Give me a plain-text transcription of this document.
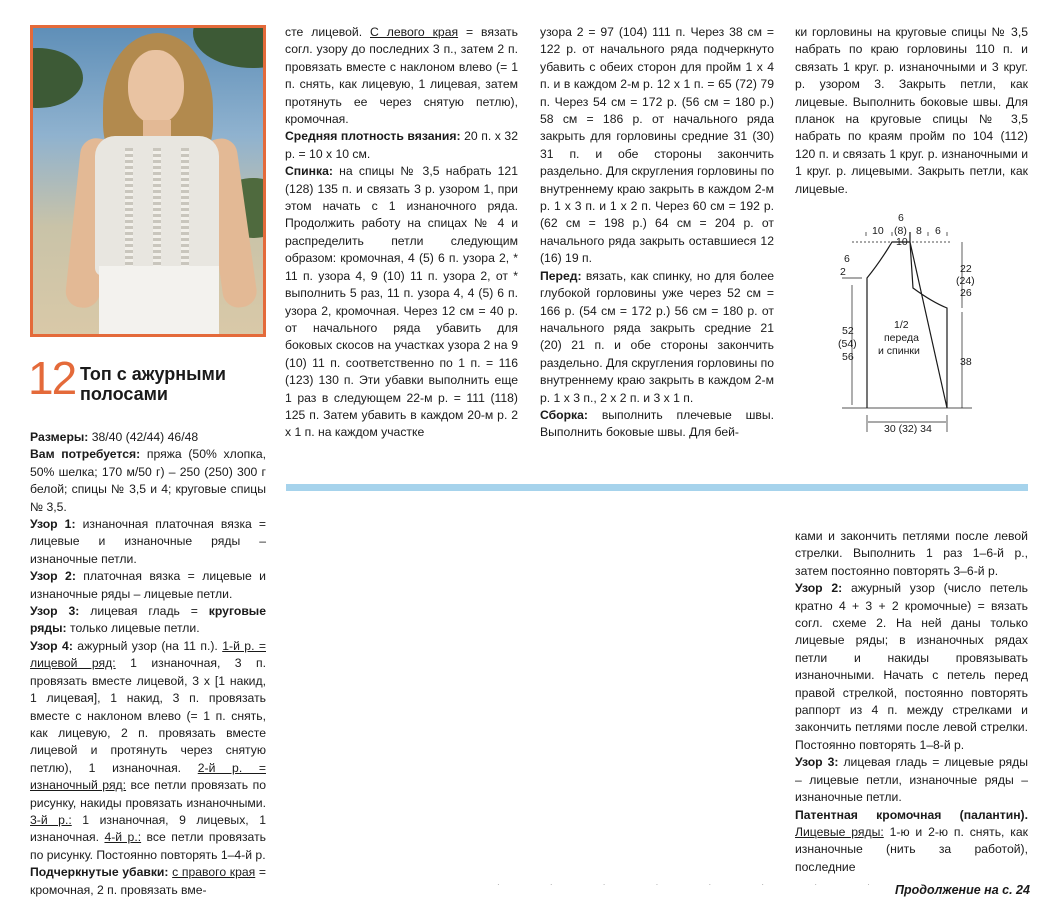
12 Топ с ажурными
полосами

Размеры: 38/40 (42/44) 46/48

Вам потребуется: пряжа (50% хлопка, 50% шелка; 170 м/50 г) – 250 (250) 300 г белой; спицы № 3,5 и 4; круговые спицы № 3,5.

Узор 1: изнаночная платочная вязка = лицевые и изнаночные ряды – изнаночные петли.

Узор 2: платочная вязка = лицевые и изнаночные ряды – лицевые петли.

Узор 3: лицевая гладь = круговые ряды: только лицевые петли.

Узор 4: ажурный узор (на 11 п.). 1-й р. = лицевой ряд: 1 изнаночная, 3 п. провязать вместе лицевой, 3 х [1 накид, 1 лицевая], 1 накид, 3 п. провязать вместе с наклоном влево (= 1 п. снять, как лицевую, 2 п. провязать вместе лицевой и протянуть через снятую петлю), 1 изнаночная. 2-й р. = изнаночный ряд: все петли провязать по рисунку, накиды провязать изнаночными. 3-й р.: 1 изнаночная, 9 лицевых, 1 изнаночная. 4-й р.: все петли провязать по рисунку. Постоянно повторять 1–4-й р.

Подчеркнутые убавки: с правого края = кромочная, 2 п. провязать вме-

сте лицевой. С левого края = вязать согл. узору до последних 3 п., затем 2 п. провязать вместе с наклоном влево (= 1 п. снять, как лицевую, 1 лицевая, затем протянуть ее через снятую петлю), кромочная.

Средняя плотность вязания: 20 п. х 32 р. = 10 х 10 см.

Спинка: на спицы № 3,5 набрать 121 (128) 135 п. и связать 3 р. узором 1, при этом начать с 1 изнаночного ряда. Продолжить работу на спицах № 4 и распределить петли следующим образом: кромочная, 4 (5) 6 п. узора 2, * 11 п. узора 4, 9 (10) 11 п. узора 2, от * выполнить 5 раз, 11 п. узора 4, 4 (5) 6 п. узора 2, кромочная. Через 12 см = 40 р. от начального ряда убавить для боковых скосов на участках узора 2 на 9 (10) 11 п. соответственно по 1 п. = 116 (123) 130 п. Эти убавки выполнить еще 1 раз в следующем 22-м р. = 111 (118) 125 п. Затем убавить в каждом 20-м р. 2 х 1 п. на каждом участке

узора 2 = 97 (104) 111 п. Через 38 см = 122 р. от начального ряда подчеркнуто убавить с обеих сторон для пройм 1 х 4 п. и в каждом 2-м р. 12 х 1 п. = 65 (72) 79 п. Через 54 см = 172 р. (56 см = 180 р.) 58 см = 186 р. от начального ряда закрыть для горловины средние 31 (30) 31 п. и обе стороны закончить раздельно. Для скругления горловины по внутреннему краю закрыть в каждом 2-м р. 1 х 3 п. и 1 х 2 п. Через 60 см = 192 р. (62 см = 198 р.) 64 см = 204 р. от начального ряда закрыть оставшиеся 12 (16) 19 п.

Перед: вязать, как спинку, но для более глубокой горловины уже через 52 см = 166 р. (54 см = 172 р.) 56 см = 180 р. от начального ряда закрыть средние 21 (20) 21 п. и обе стороны закончить раздельно. Для скругления горловины по внутреннему краю закрыть в каждом 2-м р. 1 х 3 п., 2 х 2 п. и 3 х 1 п.

Сборка: выполнить плечевые швы. Выполнить боковые швы. Для бей-

ки горловины на круговые спицы № 3,5 набрать по краю горловины 110 п. и связать 1 круг. р. изнаночными и 3 круг. р. узором 3. Закрыть петли, как лицевые. Выполнить боковые швы. Для планок на круговые спицы № 3,5 набрать по краям пройм по 104 (112) 120 п. и связать 1 круг. р. изнаночными и 1 круг. р. лицевыми. Закрыть петли, как лицевые.

10
6
(8)
10
8 6
6
2
52
(54)
56
22
(24)
26
38
1/2
переда
и спинки
30 (32) 34

ками и закончить петлями после левой стрелки. Выполнить 1 раз 1–6-й р., затем постоянно повторять 3–6-й р.

Узор 2: ажурный узор (число петель кратно 4 + 3 + 2 кромочные) = вязать согл. схеме 2. На ней даны только лицевые ряды; в изнаночных рядах петли и накиды провязывать изнаночными. Начать с петель перед правой стрелкой, постоянно повторять раппорт из 4 п. между стрелками и закончить петлями после левой стрелки. Постоянно повторять 1–8-й р.

Узор 3: лицевая гладь = лицевые ряды – лицевые петли, изнаночные ряды – изнаночные петли.

Патентная кромочная (палантин). Лицевые ряды: 1-ю и 2-ю п. снять, как изнаночные (нить за работой), последние

· · · · · · · · ·
Продолжение на с. 24
